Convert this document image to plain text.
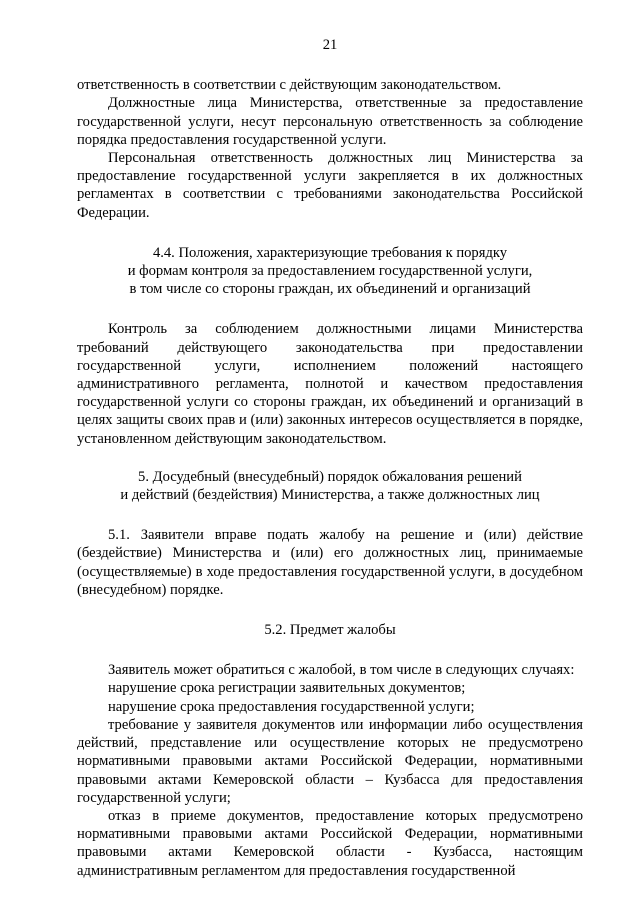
21

ответственность в соответствии с действующим законодательством.

Должностные лица Министерства, ответственные за предоставление государственной услуги, несут персональную ответственность за соблюдение порядка предоставления государственной услуги.

Персональная ответственность должностных лиц Министерства за предоставление государственной услуги закрепляется в их должностных регламентах в соответствии с требованиями законодательства Российской Федерации.

4.4. Положения, характеризующие требования к порядку
и формам контроля за предоставлением государственной услуги,
в том числе со стороны граждан, их объединений и организаций

Контроль за соблюдением должностными лицами Министерства требований действующего законодательства при предоставлении государственной услуги, исполнением положений настоящего административного регламента, полнотой и качеством предоставления государственной услуги со стороны граждан, их объединений и организаций в целях защиты своих прав и (или) законных интересов осуществляется в порядке, установленном действующим законодательством.

5. Досудебный (внесудебный) порядок обжалования решений
и действий (бездействия) Министерства, а также должностных лиц

5.1. Заявители вправе подать жалобу на решение и (или) действие (бездействие) Министерства и (или) его должностных лиц, принимаемые (осуществляемые) в ходе предоставления государственной услуги, в досудебном (внесудебном) порядке.

5.2. Предмет жалобы

Заявитель может обратиться с жалобой, в том числе в следующих случаях:

нарушение срока регистрации заявительных документов;

нарушение срока предоставления государственной услуги;

требование у заявителя документов или информации либо осуществления действий, представление или осуществление которых не предусмотрено нормативными правовыми актами Российской Федерации, нормативными правовыми актами Кемеровской области – Кузбасса для предоставления государственной услуги;

отказ в приеме документов, предоставление которых предусмотрено нормативными правовыми актами Российской Федерации, нормативными правовыми актами Кемеровской области - Кузбасса, настоящим административным регламентом для предоставления государственной
